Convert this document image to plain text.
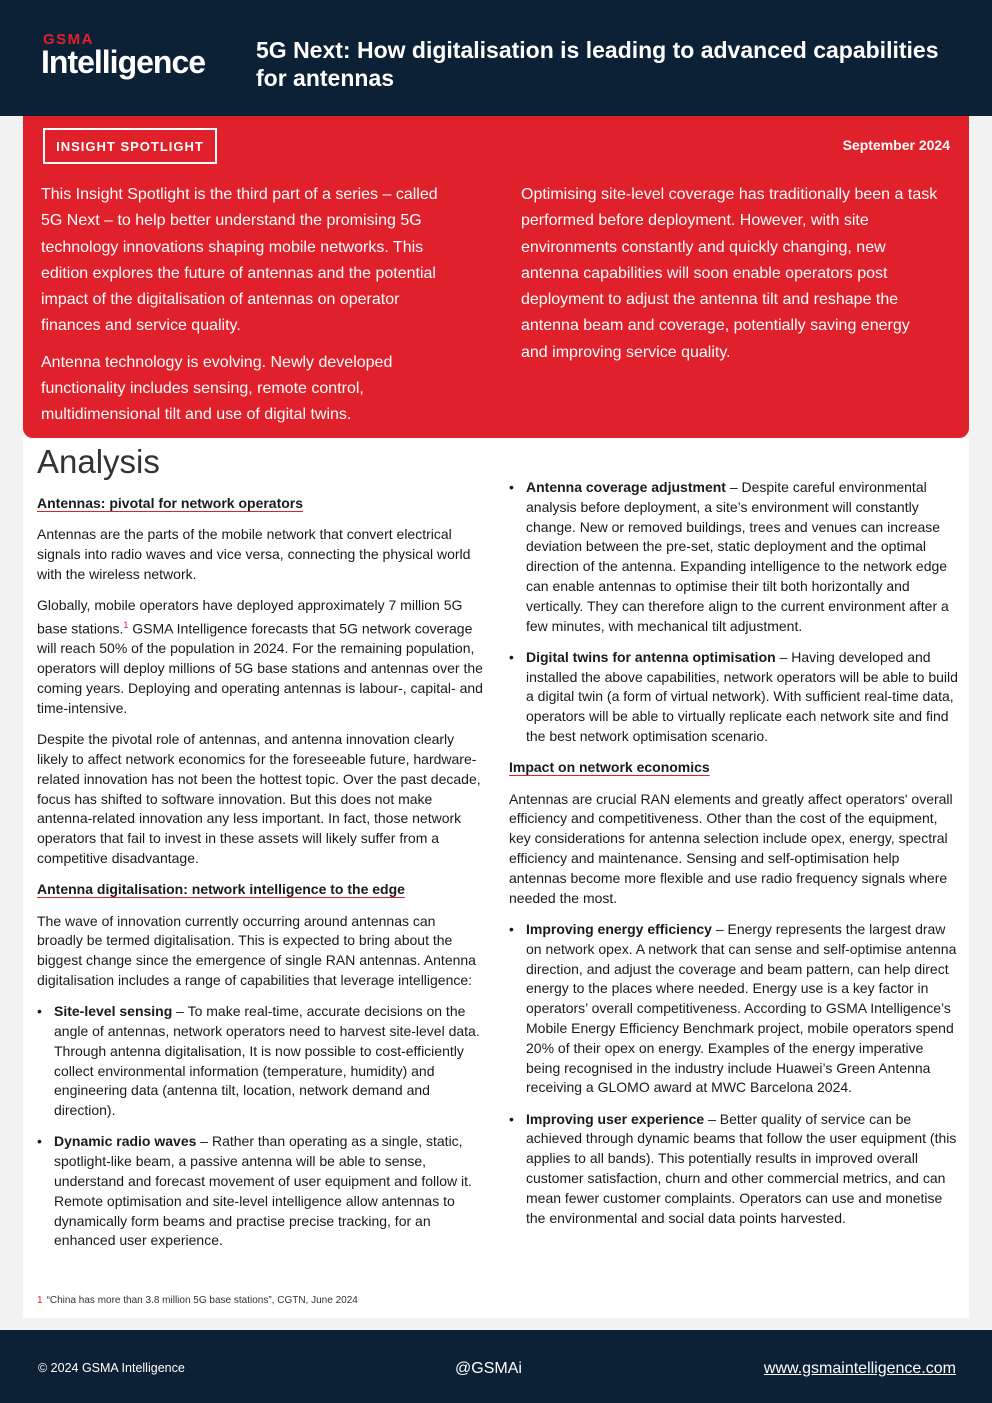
GSMA
Intelligence 5G Next: How digitalisation is leading to advanced capabilities for antennas
INSIGHT SPOTLIGHT	September 2024

This Insight Spotlight is the third part of a series – called 5G Next – to help better understand the promising 5G technology innovations shaping mobile networks. This edition explores the future of antennas and the potential impact of the digitalisation of antennas on operator finances and service quality.

Antenna technology is evolving. Newly developed functionality includes sensing, remote control, multidimensional tilt and use of digital twins.

Optimising site-level coverage has traditionally been a task performed before deployment. However, with site environments constantly and quickly changing, new antenna capabilities will soon enable operators post deployment to adjust the antenna tilt and reshape the antenna beam and coverage, potentially saving energy and improving service quality.

Analysis
Antennas: pivotal for network operators

Antennas are the parts of the mobile network that convert electrical signals into radio waves and vice versa, connecting the physical world with the wireless network.

Globally, mobile operators have deployed approximately 7 million 5G base stations.$^1$ GSMA Intelligence forecasts that 5G network coverage will reach 50% of the population in 2024. For the remaining population, operators will deploy millions of 5G base stations and antennas over the coming years. Deploying and operating antennas is labour-, capital- and time-intensive.

Despite the pivotal role of antennas, and antenna innovation clearly likely to affect network economics for the foreseeable future, hardware-related innovation has not been the hottest topic. Over the past decade, focus has shifted to software innovation. But this does not make antenna-related innovation any less important. In fact, those network operators that fail to invest in these assets will likely suffer from a competitive disadvantage.

Antenna digitalisation: network intelligence to the edge

The wave of innovation currently occurring around antennas can broadly be termed digitalisation. This is expected to bring about the biggest change since the emergence of single RAN antennas. Antenna digitalisation includes a range of capabilities that leverage intelligence:

• Site-level sensing – To make real-time, accurate decisions on the angle of antennas, network operators need to harvest site-level data. Through antenna digitalisation, It is now possible to cost-efficiently collect environmental information (temperature, humidity) and engineering data (antenna tilt, location, network demand and direction).
• Dynamic radio waves – Rather than operating as a single, static, spotlight-like beam, a passive antenna will be able to sense, understand and forecast movement of user equipment and follow it. Remote optimisation and site-level intelligence allow antennas to dynamically form beams and practise precise tracking, for an enhanced user experience.
• Antenna coverage adjustment – Despite careful environmental analysis before deployment, a site’s environment will constantly change. New or removed buildings, trees and venues can increase deviation between the pre-set, static deployment and the optimal direction of the antenna. Expanding intelligence to the network edge can enable antennas to optimise their tilt both horizontally and vertically. They can therefore align to the current environment after a few minutes, with mechanical tilt adjustment.
• Digital twins for antenna optimisation – Having developed and installed the above capabilities, network operators will be able to build a digital twin (a form of virtual network). With sufficient real-time data, operators will be able to virtually replicate each network site and find the best network optimisation scenario.
Impact on network economics

Antennas are crucial RAN elements and greatly affect operators' overall efficiency and competitiveness. Other than the cost of the equipment, key considerations for antenna selection include opex, energy, spectral efficiency and maintenance. Sensing and self-optimisation help antennas become more flexible and use radio frequency signals where needed the most.

• Improving energy efficiency – Energy represents the largest draw on network opex. A network that can sense and self-optimise antenna direction, and adjust the coverage and beam pattern, can help direct energy to the places where needed. Energy use is a key factor in operators’ overall competitiveness. According to GSMA Intelligence’s Mobile Energy Efficiency Benchmark project, mobile operators spend 20% of their opex on energy. Examples of the energy imperative being recognised in the industry include Huawei’s Green Antenna receiving a GLOMO award at MWC Barcelona 2024.
• Improving user experience – Better quality of service can be achieved through dynamic beams that follow the user equipment (this applies to all bands). This potentially results in improved overall customer satisfaction, churn and other commercial metrics, and can mean fewer customer complaints. Operators can use and monetise the environmental and social data points harvested.
1 “China has more than 3.8 million 5G base stations”, CGTN, June 2024
© 2024 GSMA Intelligence	@GSMAi	www.gsmaintelligence.com
